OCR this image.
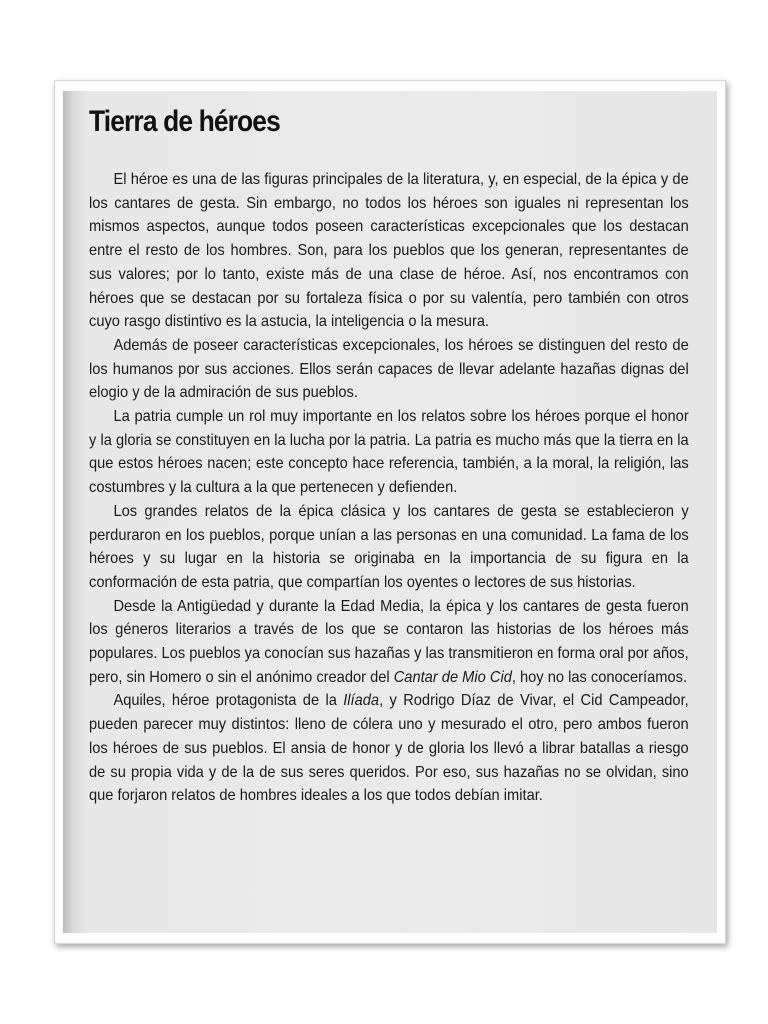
Tierra de héroes

El héroe es una de las figuras principales de la literatura, y, en especial, de la épica y de los cantares de gesta. Sin embargo, no todos los héroes son iguales ni representan los mismos aspectos, aunque todos poseen características excepcionales que los destacan entre el resto de los hombres. Son, para los pueblos que los generan, representantes de sus valores; por lo tanto, existe más de una clase de héroe. Así, nos encontramos con héroes que se destacan por su fortaleza física o por su valentía, pero también con otros cuyo rasgo distintivo es la astucia, la inteligencia o la mesura.

Además de poseer características excepcionales, los héroes se distinguen del resto de los humanos por sus acciones. Ellos serán capaces de llevar adelante hazañas dignas del elogio y de la admiración de sus pueblos.

La patria cumple un rol muy importante en los relatos sobre los héroes porque el honor y la gloria se constituyen en la lucha por la patria. La patria es mucho más que la tierra en la que estos héroes nacen; este concepto hace referencia, también, a la moral, la religión, las costumbres y la cultura a la que pertenecen y defienden.

Los grandes relatos de la épica clásica y los cantares de gesta se establecieron y perduraron en los pueblos, porque unían a las personas en una comunidad. La fama de los héroes y su lugar en la historia se originaba en la importancia de su figura en la conformación de esta patria, que compartían los oyentes o lectores de sus historias.

Desde la Antigüedad y durante la Edad Media, la épica y los cantares de gesta fueron los géneros literarios a través de los que se contaron las historias de los héroes más populares. Los pueblos ya conocían sus hazañas y las transmitieron en forma oral por años, pero, sin Homero o sin el anónimo creador del Cantar de Mio Cid, hoy no las conoceríamos.

Aquiles, héroe protagonista de la Ilíada, y Rodrigo Díaz de Vivar, el Cid Campeador, pueden parecer muy distintos: lleno de cólera uno y mesurado el otro, pero ambos fueron los héroes de sus pueblos. El ansia de honor y de gloria los llevó a librar batallas a riesgo de su propia vida y de la de sus seres queridos. Por eso, sus hazañas no se olvidan, sino que forjaron relatos de hombres ideales a los que todos debían imitar.
